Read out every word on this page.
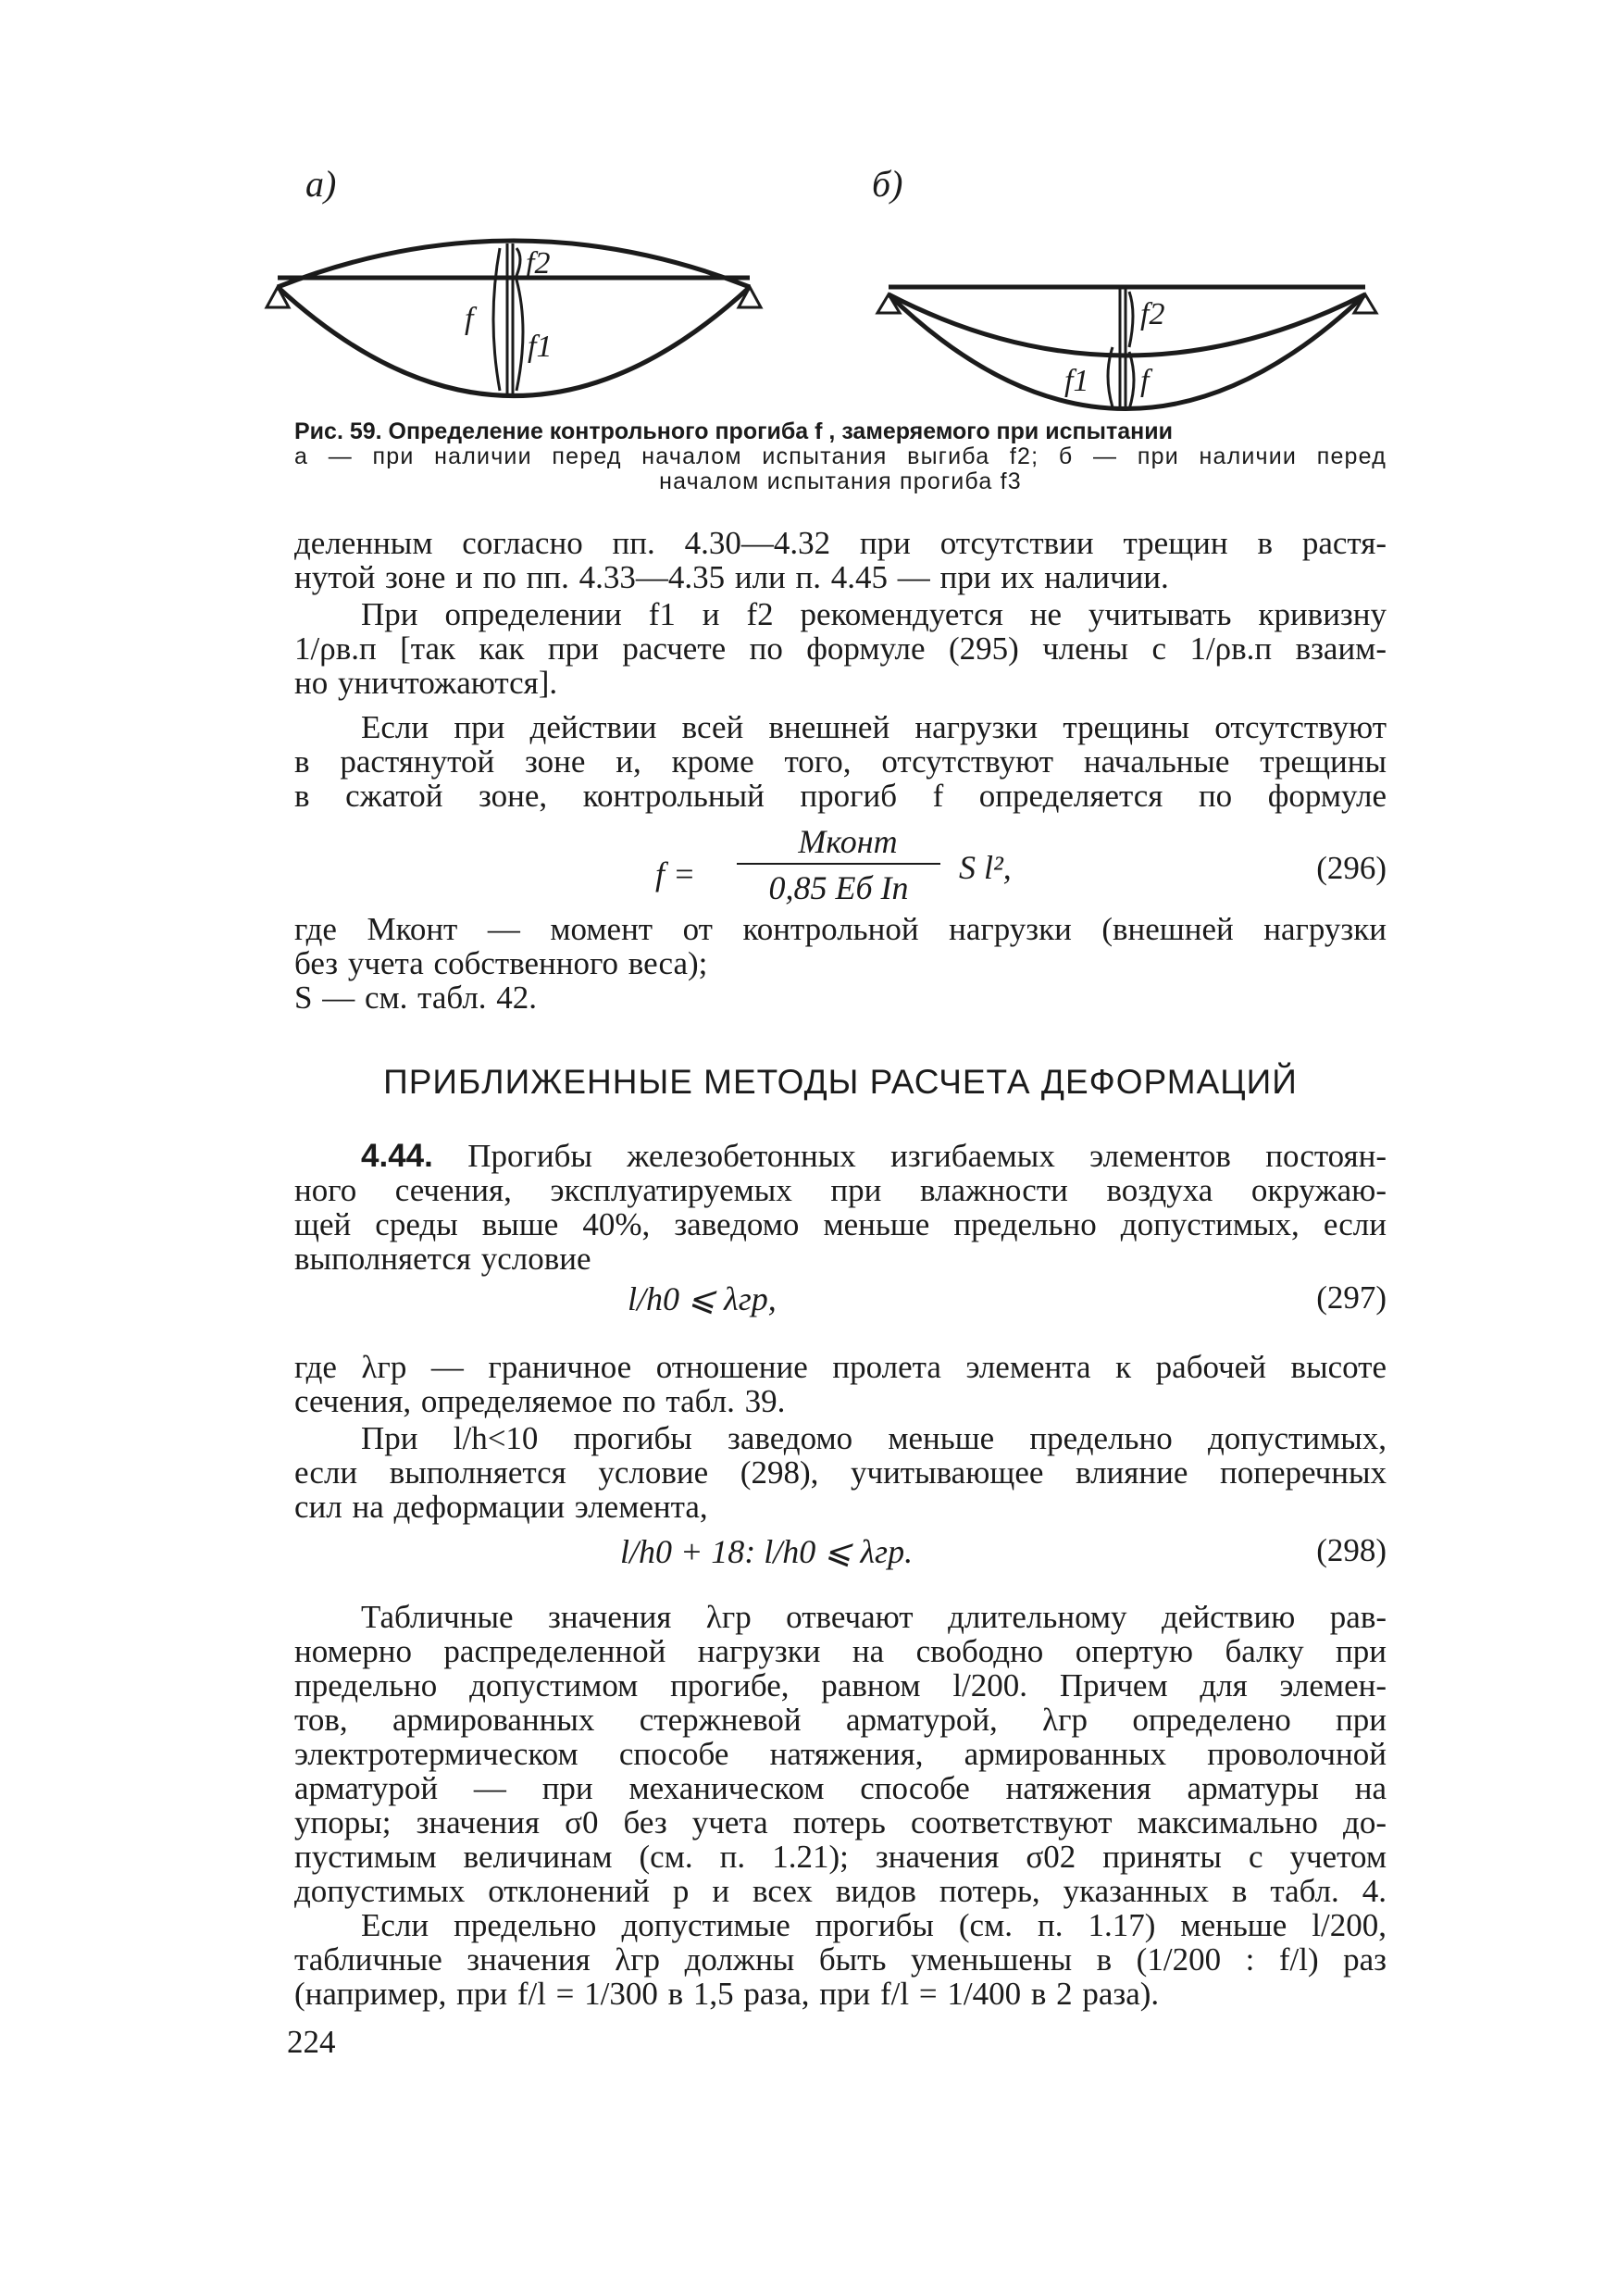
а)
f2
f1
f
б)
f2
f
f1
Рис. 59. Определение контрольного прогиба f , замеряемого при испытании
а — при наличии перед началом испытания выгиба f2; б — при наличии перед
началом испытания прогиба f3
деленным согласно пп. 4.30—4.32 при отсутствии трещин в растя-
нутой зоне и по пп. 4.33—4.35 или п. 4.45 — при их наличии.
При определении f1 и f2 рекомендуется не учитывать кривизну
1/ρв.п [так как при расчете по формуле (295) члены с 1/ρв.п взаим-
но уничтожаются].
Если при действии всей внешней нагрузки трещины отсутствуют
в растянутой зоне и, кроме того, отсутствуют начальные трещины
в сжатой зоне, контрольный прогиб f определяется по формуле
f =
Mконт
0,85 Eб Iп
S l²,	(296)
где Mконт — момент от контрольной нагрузки (внешней нагрузки
без учета собственного веса);
S — см. табл. 42.
ПРИБЛИЖЕННЫЕ МЕТОДЫ РАСЧЕТА ДЕФОРМАЦИЙ
4.44. Прогибы железобетонных изгибаемых элементов постоян-
ного сечения, эксплуатируемых при влажности воздуха окружаю-
щей среды выше 40%, заведомо меньше предельно допустимых, если
выполняется условие
l/h0 ⩽ λгр,	(297)
где λгр — граничное отношение пролета элемента к рабочей высоте
сечения, определяемое по табл. 39.
При l/h<10 прогибы заведомо меньше предельно допустимых,
если выполняется условие (298), учитывающее влияние поперечных
сил на деформации элемента,
l/h0 + 18: l/h0 ⩽ λгр.	(298)
Табличные значения λгр отвечают длительному действию рав-
номерно распределенной нагрузки на свободно опертую балку при
предельно допустимом прогибе, равном l/200. Причем для элемен-
тов, армированных стержневой арматурой, λгр определено при
электротермическом способе натяжения, армированных проволочной
арматурой — при механическом способе натяжения арматуры на
упоры; значения σ0 без учета потерь соответствуют максимально до-
пустимым величинам (см. п. 1.21); значения σ02 приняты с учетом
допустимых отклонений p и всех видов потерь, указанных в табл. 4.
Если предельно допустимые прогибы (см. п. 1.17) меньше l/200,
табличные значения λгр должны быть уменьшены в (1/200 : f/l) раз
(например, при f/l = 1/300 в 1,5 раза, при f/l = 1/400 в 2 раза).
224
